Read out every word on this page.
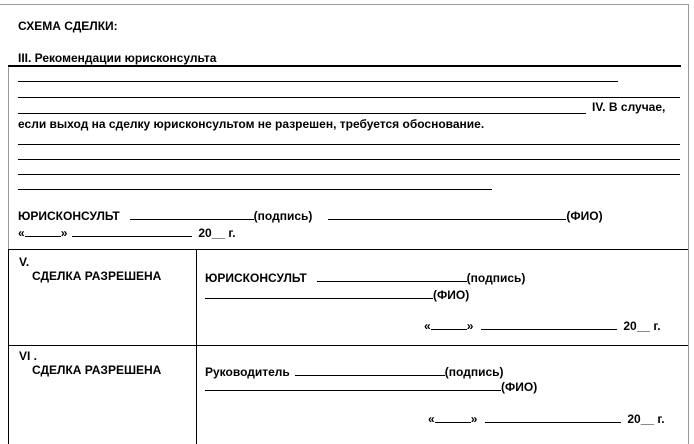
СХЕМА СДЕЛКИ:
III. Рекомендации юрисконсульта
IV. В случае,
если выход на сделку юрисконсультом не разрешен, требуется обоснование.
ЮРИСКОНСУЛЬТ	(подпись)	(ФИО)
«	»	20__ г.
V.
СДЕЛКА РАЗРЕШЕНА	ЮРИСКОНСУЛЬТ	(подпись)
(ФИО)
«	»	20__ г.
VI .
СДЕЛКА РАЗРЕШЕНА	Руководитель	(подпись)
(ФИО)
«	»	20__ г.
